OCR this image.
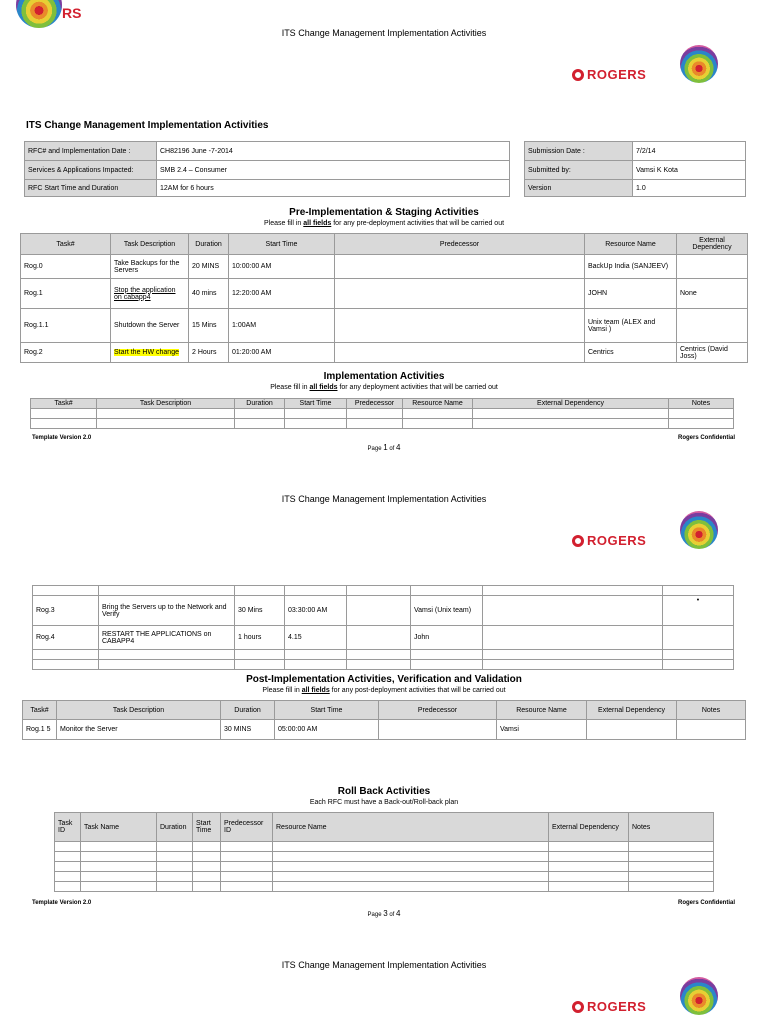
RS
ITS Change Management Implementation Activities
ROGERS
ITS Change Management Implementation Activities
RFC# and Implementation Date :	CH82196 June -7-2014
Services & Applications Impacted:	SMB 2.4 – Consumer
RFC Start Time and Duration	12AM for 6 hours
Submission Date :	7/2/14
Submitted by:	Vamsi K Kota
Version	1.0
Pre-Implementation & Staging Activities
Please fill in all fields for any pre-deployment activities that will be carried out
Task#	Task Description	Duration	Start Time	Predecessor	Resource Name	External Dependency
Rog.0	Take Backups for the Servers	20 MINS	10:00:00 AM		BackUp India (SANJEEV)	
Rog.1	Stop the application on cabapp4	40 mins	12:20:00 AM		JOHN	None
Rog.1.1	Shutdown the Server	15 Mins	1:00AM		Unix team (ALEX and Vamsi )	
Rog.2	Start the HW change	2 Hours	01:20:00 AM		Centrics	Centrics (David Joss)
Implementation Activities
Please fill in all fields for any deployment activities that will be carried out
Task#	Task Description	Duration	Start Time	Predecessor	Resource Name	External Dependency	Notes

Template Version 2.0	Rogers Confidential
Page 1 of 4
ITS Change Management Implementation Activities
ROGERS

Rog.3	Bring the Servers up to the Network and Verify	30 Mins	03:30:00 AM		Vamsi (Unix team)		•
Rog.4	RESTART THE APPLICATIONS on CABAPP4	1 hours	4.15		John		

Post-Implementation Activities, Verification and Validation
Please fill in all fields for any post-deployment activities that will be carried out
Task#	Task Description	Duration	Start Time	Predecessor	Resource Name	External Dependency	Notes
Rog.1 5	Monitor the Server	30 MINS	05:00:00 AM		Vamsi		
Roll Back Activities
Each RFC must have a Back-out/Roll-back plan
Task ID	Task Name	Duration	Start Time	Predecessor ID	Resource Name	External Dependency	Notes

Template Version 2.0	Rogers Confidential
Page 3 of 4
ITS Change Management Implementation Activities
ROGERS
